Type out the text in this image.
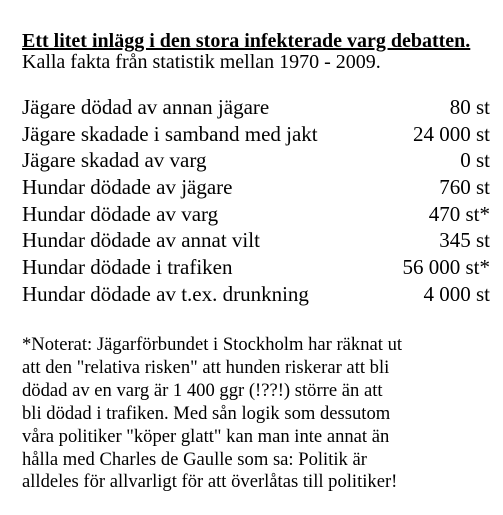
Ett litet inlägg i den stora infekterade varg debatten.
Kalla fakta från statistik mellan 1970 - 2009.
Jägare dödad av annan jägare	80 st
Jägare skadade i samband med jakt	24 000 st
Jägare skadad av varg	0 st
Hundar dödade av jägare	760 st
Hundar dödade av varg	470 st*
Hundar dödade av annat vilt	345 st
Hundar dödade i trafiken	56 000 st*
Hundar dödade av t.ex. drunkning	4 000 st
*Noterat: Jägarförbundet i Stockholm har räknat ut
att den "relativa risken" att hunden riskerar att bli
dödad av en varg är 1 400 ggr (!??!) större än att
bli dödad i trafiken. Med sån logik som dessutom
våra politiker "köper glatt" kan man inte annat än
hålla med Charles de Gaulle som sa: Politik är
alldeles för allvarligt för att överlåtas till politiker!
